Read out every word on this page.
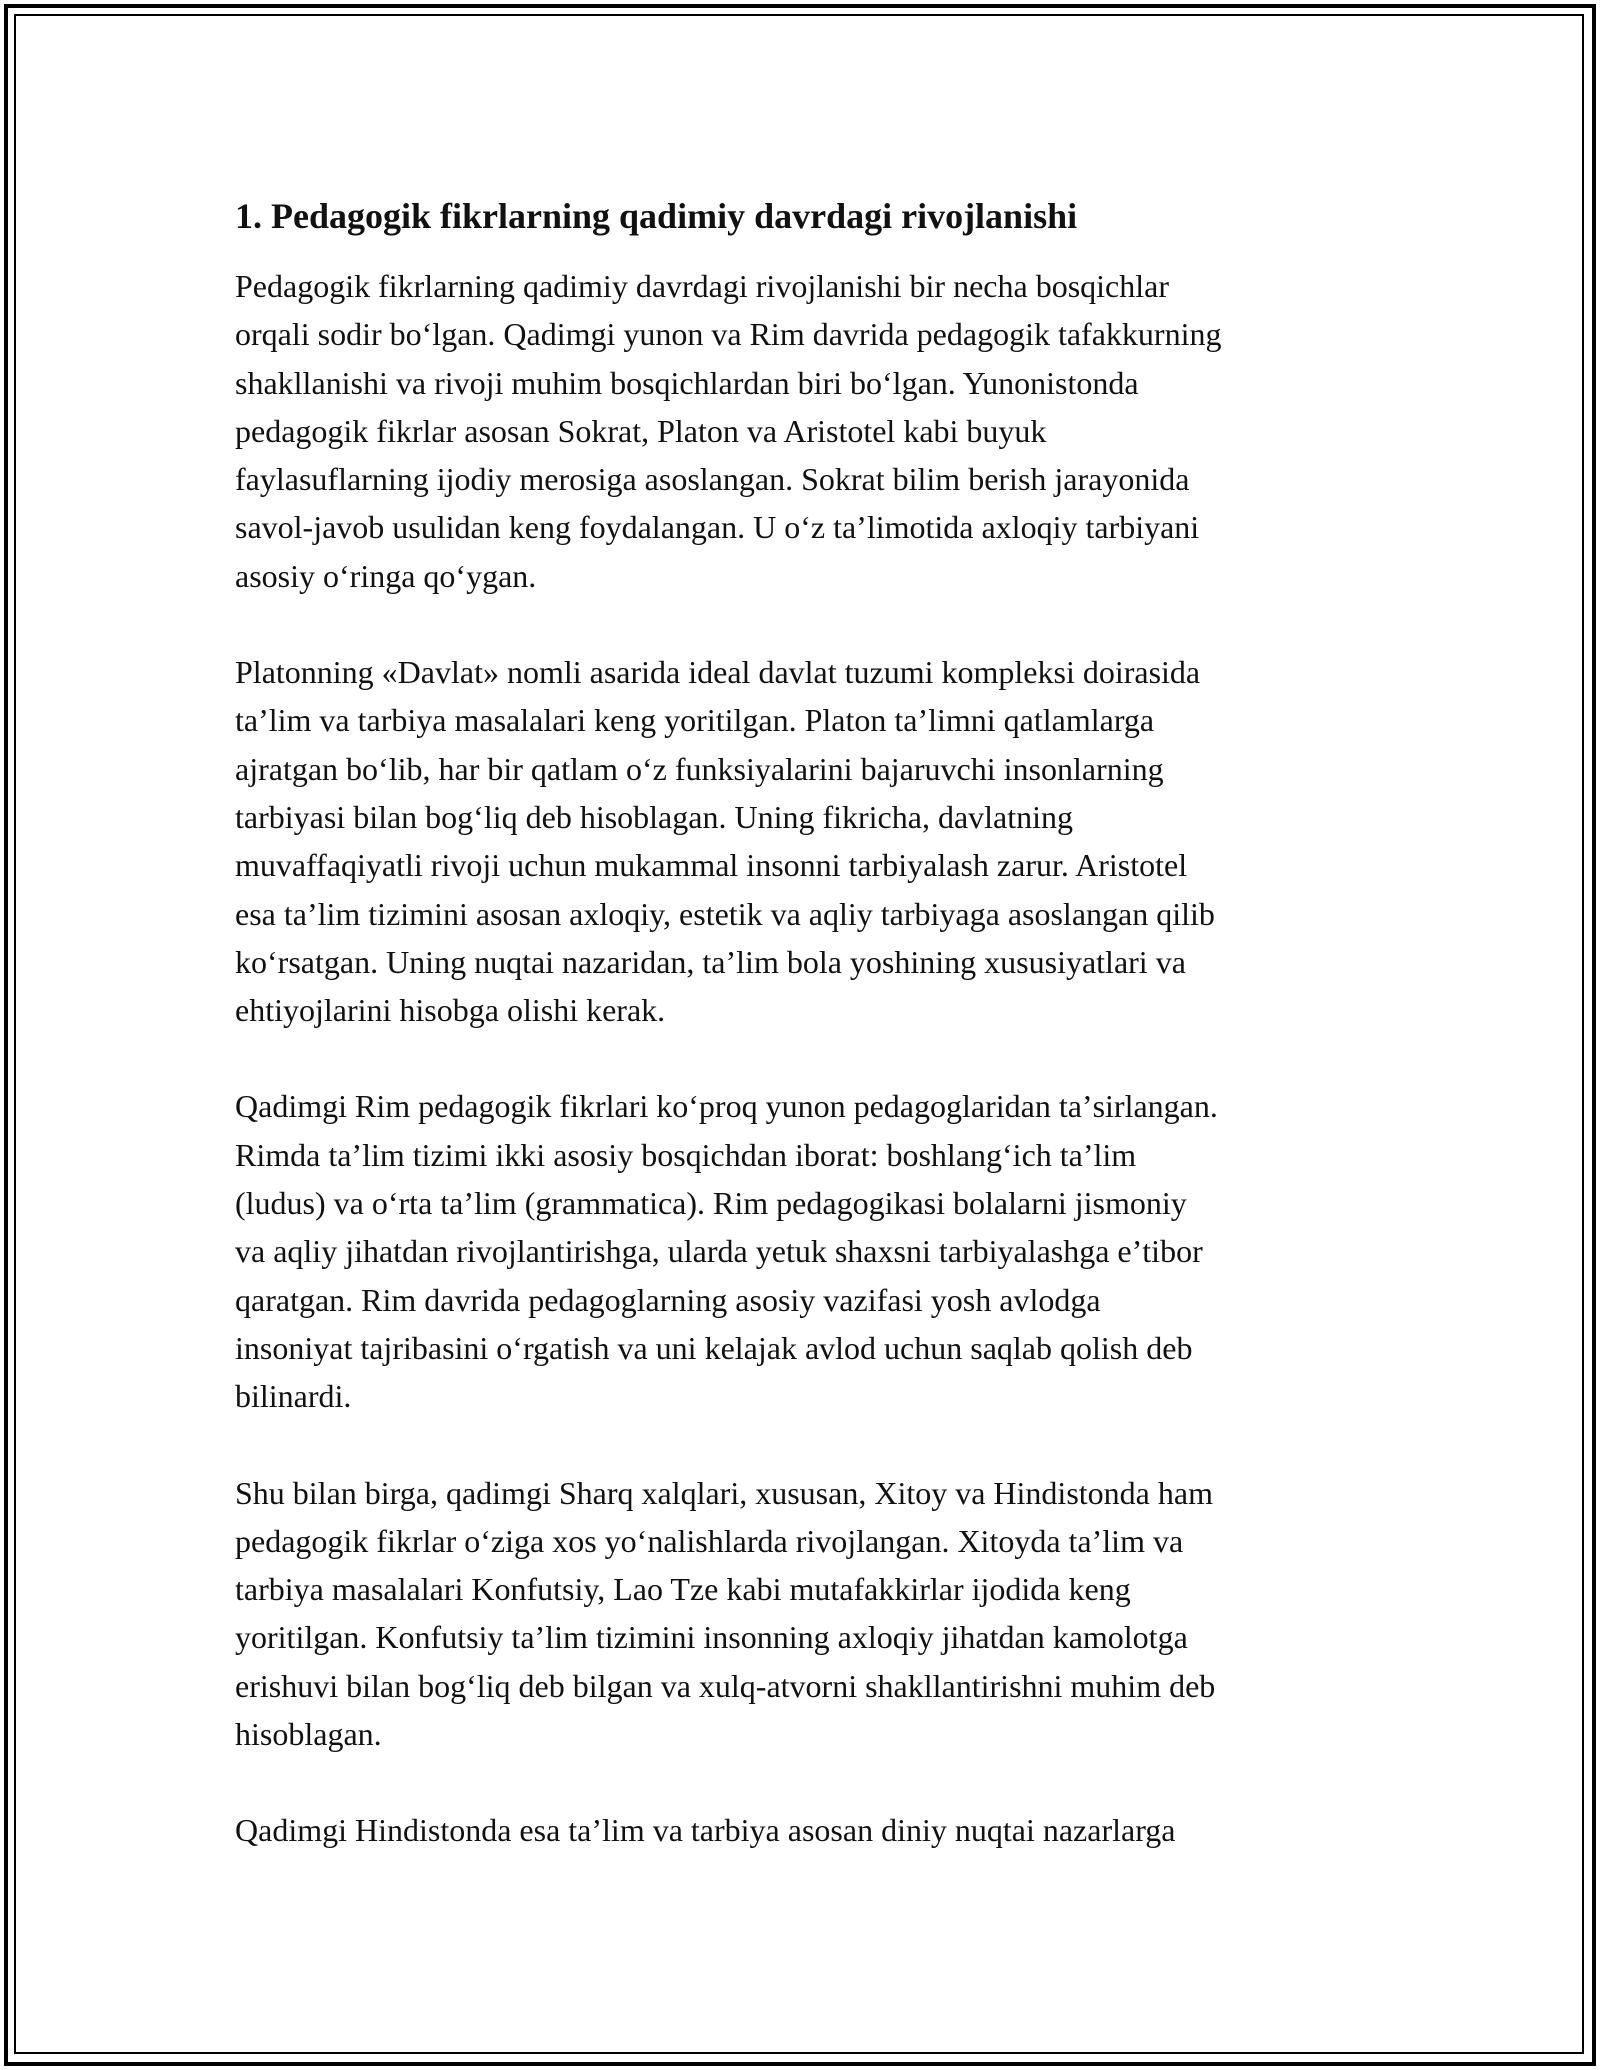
1. Pedagogik fikrlarning qadimiy davrdagi rivojlanishi

Pedagogik fikrlarning qadimiy davrdagi rivojlanishi bir necha bosqichlar
orqali sodir boʻlgan. Qadimgi yunon va Rim davrida pedagogik tafakkurning
shakllanishi va rivoji muhim bosqichlardan biri boʻlgan. Yunonistonda
pedagogik fikrlar asosan Sokrat, Platon va Aristotel kabi buyuk
faylasuflarning ijodiy merosiga asoslangan. Sokrat bilim berish jarayonida
savol-javob usulidan keng foydalangan. U oʻz taʼlimotida axloqiy tarbiyani
asosiy oʻringa qoʻygan.

Platonning «Davlat» nomli asarida ideal davlat tuzumi kompleksi doirasida
taʼlim va tarbiya masalalari keng yoritilgan. Platon taʼlimni qatlamlarga
ajratgan boʻlib, har bir qatlam oʻz funksiyalarini bajaruvchi insonlarning
tarbiyasi bilan bogʻliq deb hisoblagan. Uning fikricha, davlatning
muvaffaqiyatli rivoji uchun mukammal insonni tarbiyalash zarur. Aristotel
esa taʼlim tizimini asosan axloqiy, estetik va aqliy tarbiyaga asoslangan qilib
koʻrsatgan. Uning nuqtai nazaridan, taʼlim bola yoshining xususiyatlari va
ehtiyojlarini hisobga olishi kerak.

Qadimgi Rim pedagogik fikrlari koʻproq yunon pedagoglaridan taʼsirlangan.
Rimda taʼlim tizimi ikki asosiy bosqichdan iborat: boshlangʻich taʼlim
(ludus) va oʻrta taʼlim (grammatica). Rim pedagogikasi bolalarni jismoniy
va aqliy jihatdan rivojlantirishga, ularda yetuk shaxsni tarbiyalashga eʼtibor
qaratgan. Rim davrida pedagoglarning asosiy vazifasi yosh avlodga
insoniyat tajribasini oʻrgatish va uni kelajak avlod uchun saqlab qolish deb
bilinardi.

Shu bilan birga, qadimgi Sharq xalqlari, xususan, Xitoy va Hindistonda ham
pedagogik fikrlar oʻziga xos yoʻnalishlarda rivojlangan. Xitoyda taʼlim va
tarbiya masalalari Konfutsiy, Lao Tze kabi mutafakkirlar ijodida keng
yoritilgan. Konfutsiy taʼlim tizimini insonning axloqiy jihatdan kamolotga
erishuvi bilan bogʻliq deb bilgan va xulq-atvorni shakllantirishni muhim deb
hisoblagan.

Qadimgi Hindistonda esa taʼlim va tarbiya asosan diniy nuqtai nazarlarga
